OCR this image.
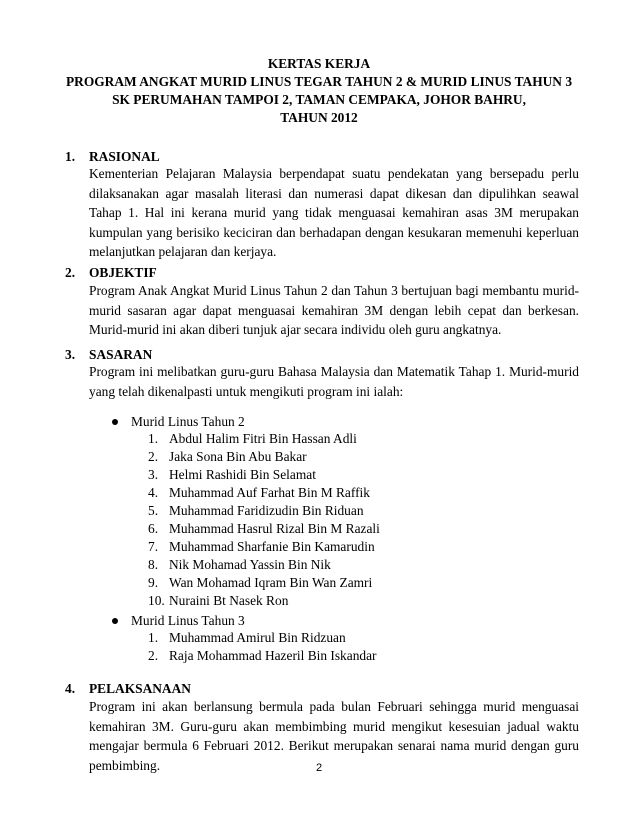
KERTAS KERJA
PROGRAM ANGKAT MURID LINUS TEGAR TAHUN 2 & MURID LINUS TAHUN 3
SK PERUMAHAN TAMPOI 2, TAMAN CEMPAKA, JOHOR BAHRU,
TAHUN 2012
1. RASIONAL

Kementerian Pelajaran Malaysia berpendapat suatu pendekatan yang bersepadu perlu dilaksanakan agar masalah literasi dan numerasi dapat dikesan dan dipulihkan seawal Tahap 1. Hal ini kerana murid yang tidak menguasai kemahiran asas 3M merupakan kumpulan yang berisiko keciciran dan berhadapan dengan kesukaran memenuhi keperluan melanjutkan pelajaran dan kerjaya.

2. OBJEKTIF

Program Anak Angkat Murid Linus Tahun 2 dan Tahun 3 bertujuan bagi membantu murid-murid sasaran agar dapat menguasai kemahiran 3M dengan lebih cepat dan berkesan. Murid-murid ini akan diberi tunjuk ajar secara individu oleh guru angkatnya.

3. SASARAN

Program ini melibatkan guru-guru Bahasa Malaysia dan Matematik Tahap 1. Murid-murid yang telah dikenalpasti untuk mengikuti program ini ialah:

Murid Linus Tahun 2
1. Abdul Halim Fitri Bin Hassan Adli
2. Jaka Sona Bin Abu Bakar
3. Helmi Rashidi Bin Selamat
4. Muhammad Auf Farhat Bin M Raffik
5. Muhammad Faridizudin Bin Riduan
6. Muhammad Hasrul Rizal Bin M Razali
7. Muhammad Sharfanie Bin Kamarudin
8. Nik Mohamad Yassin Bin Nik
9. Wan Mohamad Iqram Bin Wan Zamri
10. Nuraini Bt Nasek Ron
Murid Linus Tahun 3
1. Muhammad Amirul Bin Ridzuan
2. Raja Mohammad Hazeril Bin Iskandar
4. PELAKSANAAN

Program ini akan berlansung bermula pada bulan Februari sehingga murid menguasai kemahiran 3M. Guru-guru akan membimbing murid mengikut kesesuian jadual waktu mengajar bermula 6 Februari 2012. Berikut merupakan senarai nama murid dengan guru pembimbing.	2
